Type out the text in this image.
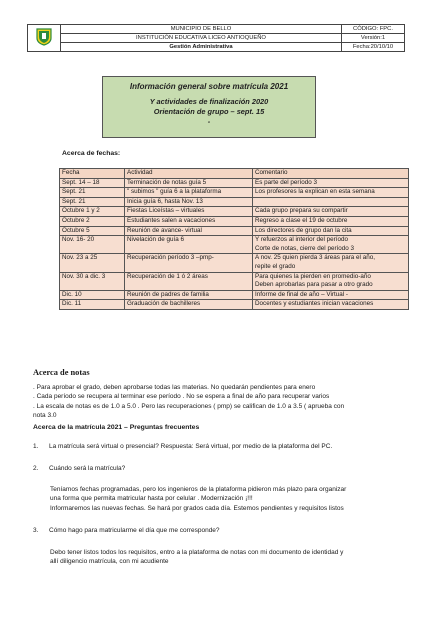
	MUNICIPIO DE BELLO	CÓDIGO: FPC.
	INSTITUCIÓN EDUCATIVA LICEO ANTIOQUEÑO	Versión:1
	Gestión Administrativa	Fecha:20/10/10
Información general sobre matrícula 2021
Y actividades de finalización 2020
Orientación de grupo – sept. 15
-
Acerca de fechas:
Fecha	Actividad	Comentario
Sept. 14 – 18	Terminación de notas guía 5	Es parte del período 3
Sept. 21	" subimos " guía 6 a la plataforma	Los profesores la explican en esta semana
Sept. 21	Inicia guía 6, hasta Nov. 13	
Octubre 1 y 2	Fiestas Liceístas – virtuales	Cada grupo prepara su compartir
Octubre 2	Estudiantes salen a vacaciones	Regreso a clase el 19 de octubre
Octubre 5	Reunión de avance- virtual	Los directores de grupo dan la cita
Nov. 16- 20	Nivelación de guía 6	Y refuerzos al interior del período
Corte de notas, cierre del período 3

Nov. 23 a 25	Recuperación período 3 –pmp-	A nov. 25 quien pierda 3 áreas para el año,
repite el grado

Nov. 30 a dic. 3	Recuperación de 1 ó 2 áreas	Para quienes la pierden en promedio-año
Deben aprobarlas para pasar a otro grado

Dic. 10	Reunión de padres de familia	Informe de final de año – Virtual -
Dic. 11	Graduación de bachilleres	Docentes y estudiantes inician vacaciones
Acerca de notas

. Para aprobar el grado, deben aprobarse todas las materias. No quedarán pendientes para enero

. Cada período se recupera al terminar ese período . No se espera a final de año para recuperar varios

. La escala de notas es de 1.0 a 5.0 . Pero las recuperaciones ( pmp) se califican de 1.0 a 3.5 ( aprueba con

nota 3.0

Acerca de la matrícula 2021 – Preguntas frecuentes
1. La matrícula será virtual o presencial? Respuesta: Será virtual, por medio de la plataforma del PC.
2. Cuándo será la matrícula?

Teníamos fechas programadas, pero los ingenieros de la plataforma pidieron más plazo para organizar

una forma que permita matricular hasta por celular . Modernización ¡!!!

Informaremos las nuevas fechas. Se hará por grados cada día. Estemos pendientes y requisitos listos

3. Cómo hago para matricularme el día que me corresponde?

Debo tener listos todos los requisitos, entro a la plataforma de notas con mi documento de identidad y

allí diligencio matrícula, con mi acudiente
